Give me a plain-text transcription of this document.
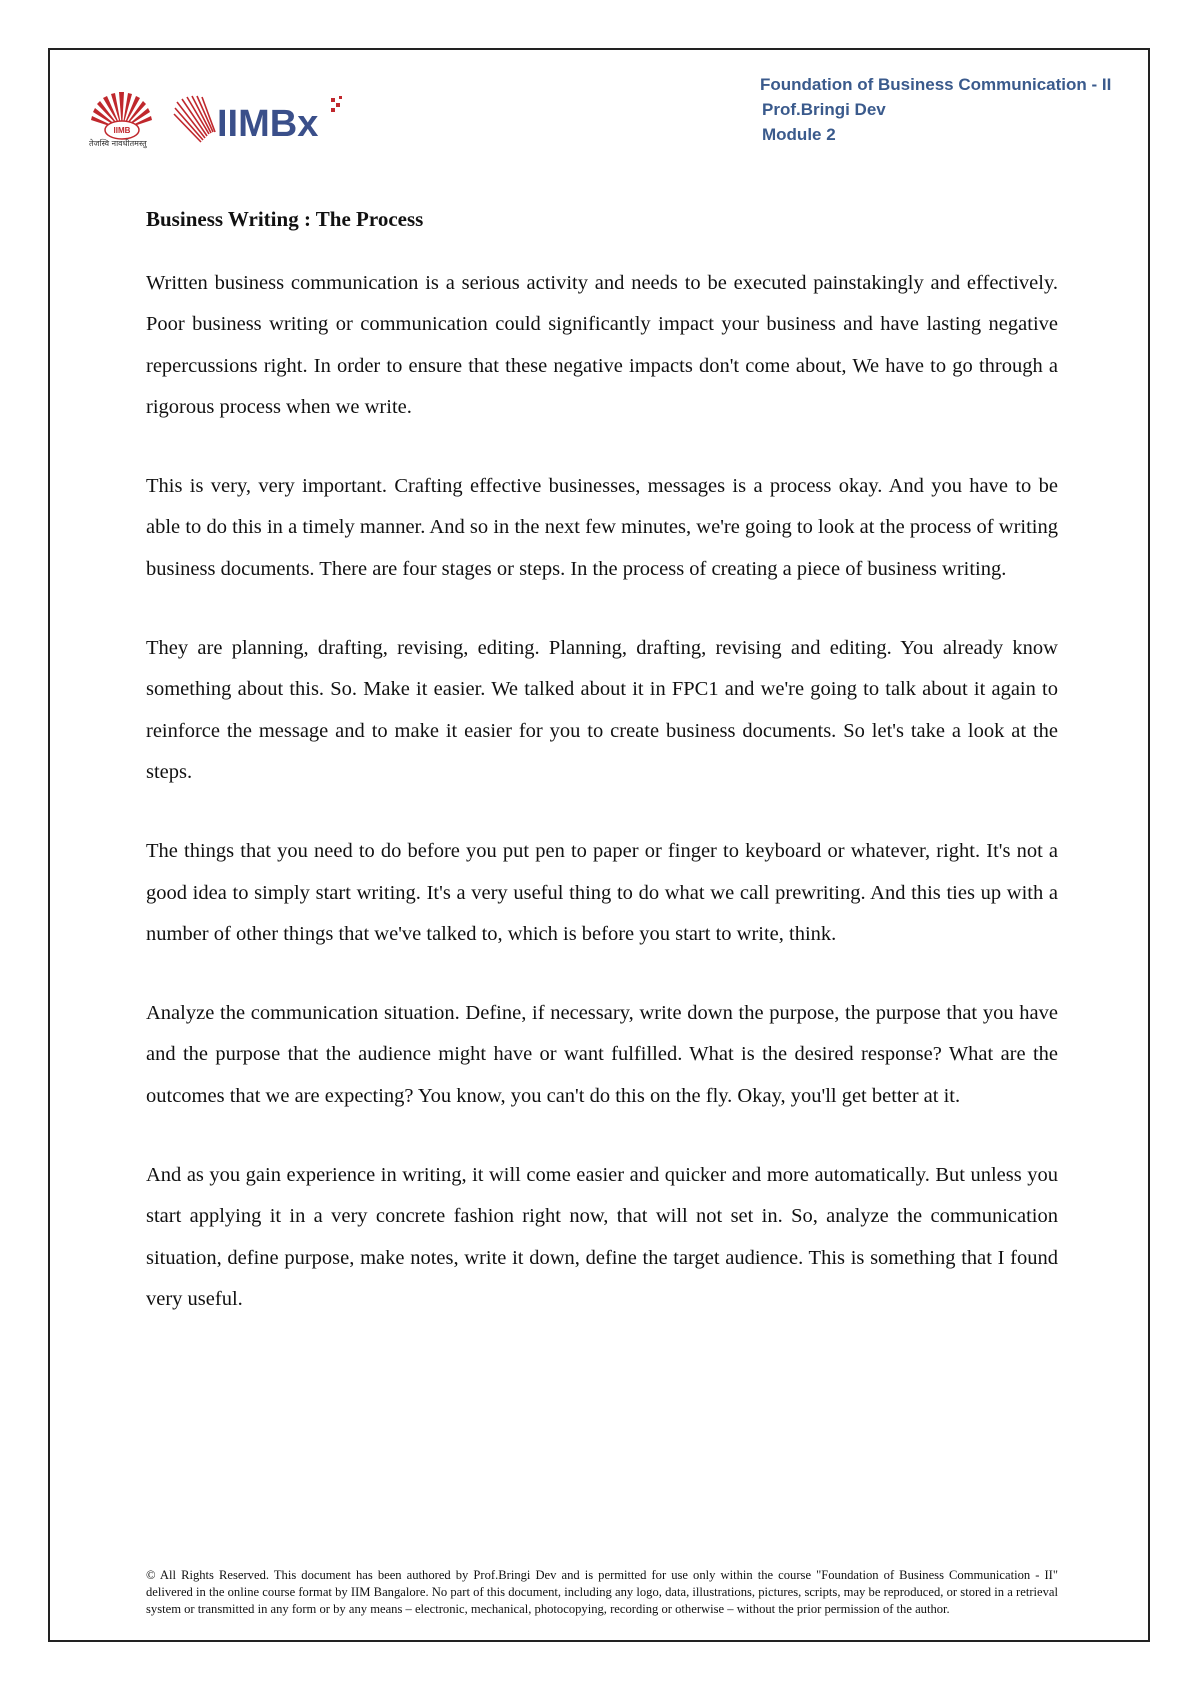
IIMB
तेजस्वि नावधीतमस्तु IIMBx
Foundation of Business Communication - II
Prof.Bringi Dev
Module 2
Business Writing : The Process

Written business communication is a serious activity and needs to be executed painstakingly and effectively. Poor business writing or communication could significantly impact your business and have lasting negative repercussions right. In order to ensure that these negative impacts don't come about, We have to go through a rigorous process when we write.

This is very, very important. Crafting effective businesses, messages is a process okay. And you have to be able to do this in a timely manner. And so in the next few minutes, we're going to look at the process of writing business documents. There are four stages or steps. In the process of creating a piece of business writing.

They are planning, drafting, revising, editing. Planning, drafting, revising and editing. You already know something about this. So. Make it easier. We talked about it in FPC1 and we're going to talk about it again to reinforce the message and to make it easier for you to create business documents. So let's take a look at the steps.

The things that you need to do before you put pen to paper or finger to keyboard or whatever, right. It's not a good idea to simply start writing. It's a very useful thing to do what we call prewriting. And this ties up with a number of other things that we've talked to, which is before you start to write, think.

Analyze the communication situation. Define, if necessary, write down the purpose, the purpose that you have and the purpose that the audience might have or want fulfilled. What is the desired response? What are the outcomes that we are expecting? You know, you can't do this on the fly. Okay, you'll get better at it.

And as you gain experience in writing, it will come easier and quicker and more automatically. But unless you start applying it in a very concrete fashion right now, that will not set in. So, analyze the communication situation, define purpose, make notes, write it down, define the target audience. This is something that I found very useful.

© All Rights Reserved. This document has been authored by Prof.Bringi Dev and is permitted for use only within the course "Foundation of Business Communication - II" delivered in the online course format by IIM Bangalore. No part of this document, including any logo, data, illustrations, pictures, scripts, may be reproduced, or stored in a retrieval system or transmitted in any form or by any means – electronic, mechanical, photocopying, recording or otherwise – without the prior permission of the author.
